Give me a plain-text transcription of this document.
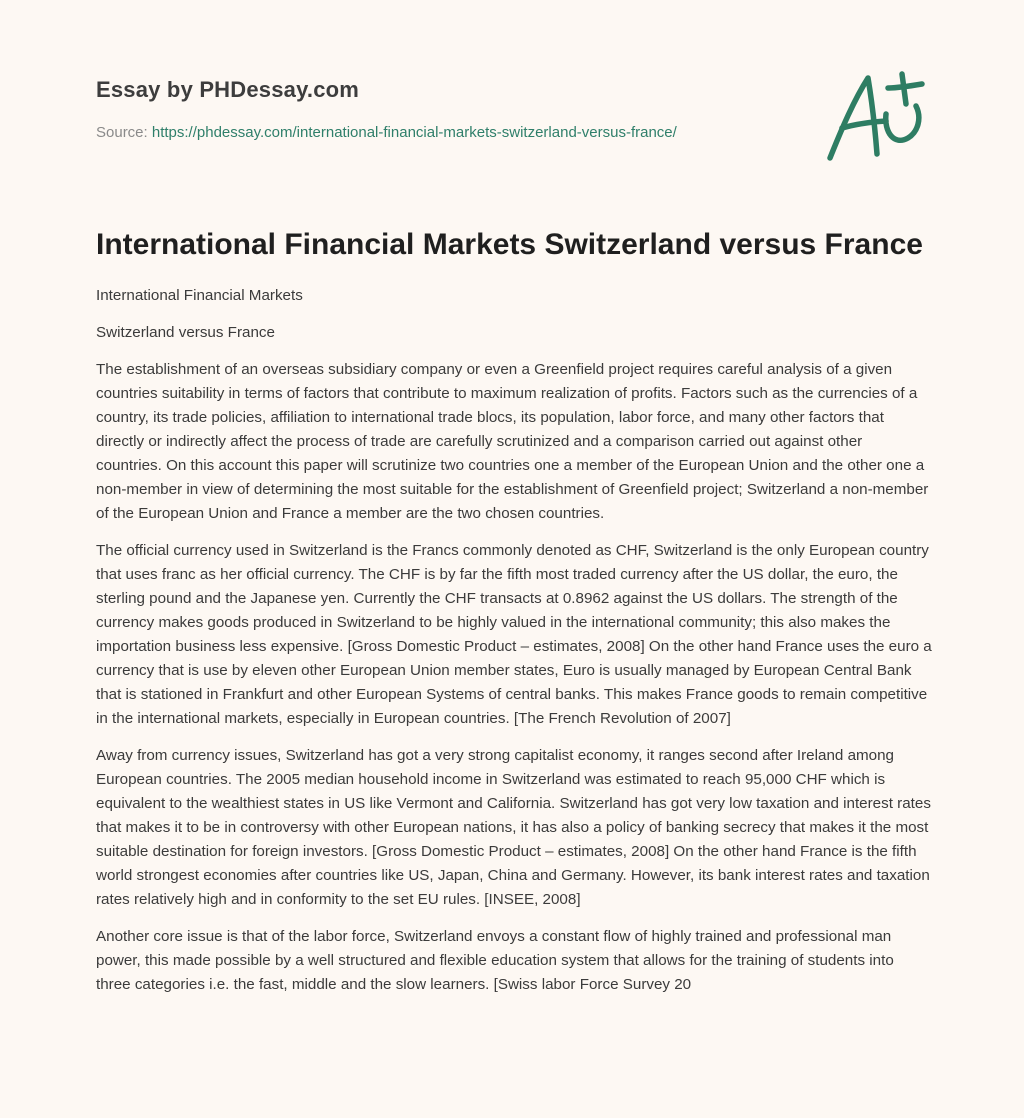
Essay by PHDessay.com
Source: https://phdessay.com/international-financial-markets-switzerland-versus-france/
International Financial Markets Switzerland versus France

International Financial Markets

Switzerland versus France

The establishment of an overseas subsidiary company or even a Greenfield project requires careful analysis of a given countries suitability in terms of factors that contribute to maximum realization of profits. Factors such as the currencies of a country, its trade policies, affiliation to international trade blocs, its population, labor force, and many other factors that directly or indirectly affect the process of trade are carefully scrutinized and a comparison carried out against other countries. On this account this paper will scrutinize two countries one a member of the European Union and the other one a non-member in view of determining the most suitable for the establishment of Greenfield project; Switzerland a non-member of the European Union and France a member are the two chosen countries.

The official currency used in Switzerland is the Francs commonly denoted as CHF, Switzerland is the only European country that uses franc as her official currency. The CHF is by far the fifth most traded currency after the US dollar, the euro, the sterling pound and the Japanese yen. Currently the CHF transacts at 0.8962 against the US dollars. The strength of the currency makes goods produced in Switzerland to be highly valued in the international community; this also makes the importation business less expensive. [Gross Domestic Product – estimates, 2008] On the other hand France uses the euro a currency that is use by eleven other European Union member states, Euro is usually managed by European Central Bank that is stationed in Frankfurt and other European Systems of central banks. This makes France goods to remain competitive in the international markets, especially in European countries. [The French Revolution of 2007]

Away from currency issues, Switzerland has got a very strong capitalist economy, it ranges second after Ireland among European countries. The 2005 median household income in Switzerland was estimated to reach 95,000 CHF which is equivalent to the wealthiest states in US like Vermont and California. Switzerland has got very low taxation and interest rates that makes it to be in controversy with other European nations, it has also a policy of banking secrecy that makes it the most suitable destination for foreign investors. [Gross Domestic Product – estimates, 2008] On the other hand France is the fifth world strongest economies after countries like US, Japan, China and Germany. However, its bank interest rates and taxation rates relatively high and in conformity to the set EU rules. [INSEE, 2008]

Another core issue is that of the labor force, Switzerland envoys a constant flow of highly trained and professional man power, this made possible by a well structured and flexible education system that allows for the training of students into three categories i.e. the fast, middle and the slow learners. [Swiss labor Force Survey 20
